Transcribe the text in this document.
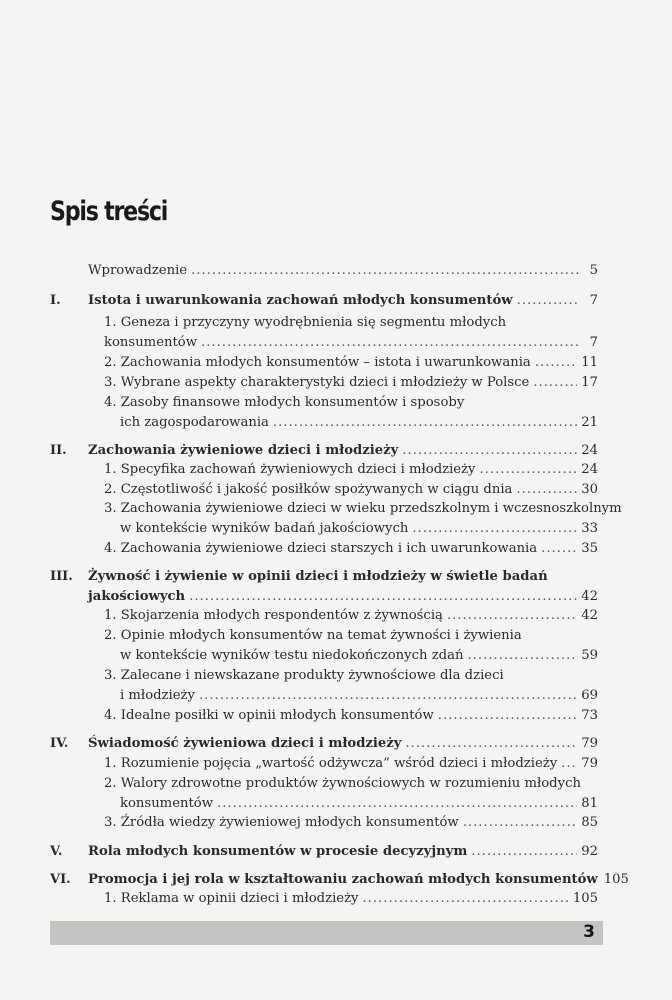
Spis treści
Wprowadzenie .....	5
I. Istota i uwarunkowania zachowań młodych konsumentów .....	7
1. Geneza i przyczyny wyodrębnienia się segmentu młodych
konsumentów .....	7
2. Zachowania młodych konsumentów – istota i uwarunkowania .....	11
3. Wybrane aspekty charakterystyki dzieci i młodzieży w Polsce .....	17
4. Zasoby finansowe młodych konsumentów i sposoby
ich zagospodarowania .....	21
II. Zachowania żywieniowe dzieci i młodzieży .....	24
1. Specyfika zachowań żywieniowych dzieci i młodzieży .....	24
2. Częstotliwość i jakość posiłków spożywanych w ciągu dnia .....	30
3. Zachowania żywieniowe dzieci w wieku przedszkolnym i wczesnoszkolnym
w kontekście wyników badań jakościowych .....	33
4. Zachowania żywieniowe dzieci starszych i ich uwarunkowania .....	35
III. Żywność i żywienie w opinii dzieci i młodzieży w świetle badań
jakościowych .....	42
1. Skojarzenia młodych respondentów z żywnością .....	42
2. Opinie młodych konsumentów na temat żywności i żywienia
w kontekście wyników testu niedokończonych zdań .....	59
3. Zalecane i niewskazane produkty żywnościowe dla dzieci
i młodzieży .....	69
4. Idealne posiłki w opinii młodych konsumentów .....	73
IV. Świadomość żywieniowa dzieci i młodzieży .....	79
1. Rozumienie pojęcia „wartość odżywcza” wśród dzieci i młodzieży ..... 79
2. Walory zdrowotne produktów żywnościowych w rozumieniu młodych
konsumentów .....	81
3. Źródła wiedzy żywieniowej młodych konsumentów .....	85
V. Rola młodych konsumentów w procesie decyzyjnym .....	92
VI. Promocja i jej rola w kształtowaniu zachowań młodych konsumentów 105
1. Reklama w opinii dzieci i młodzieży .....	105
3
